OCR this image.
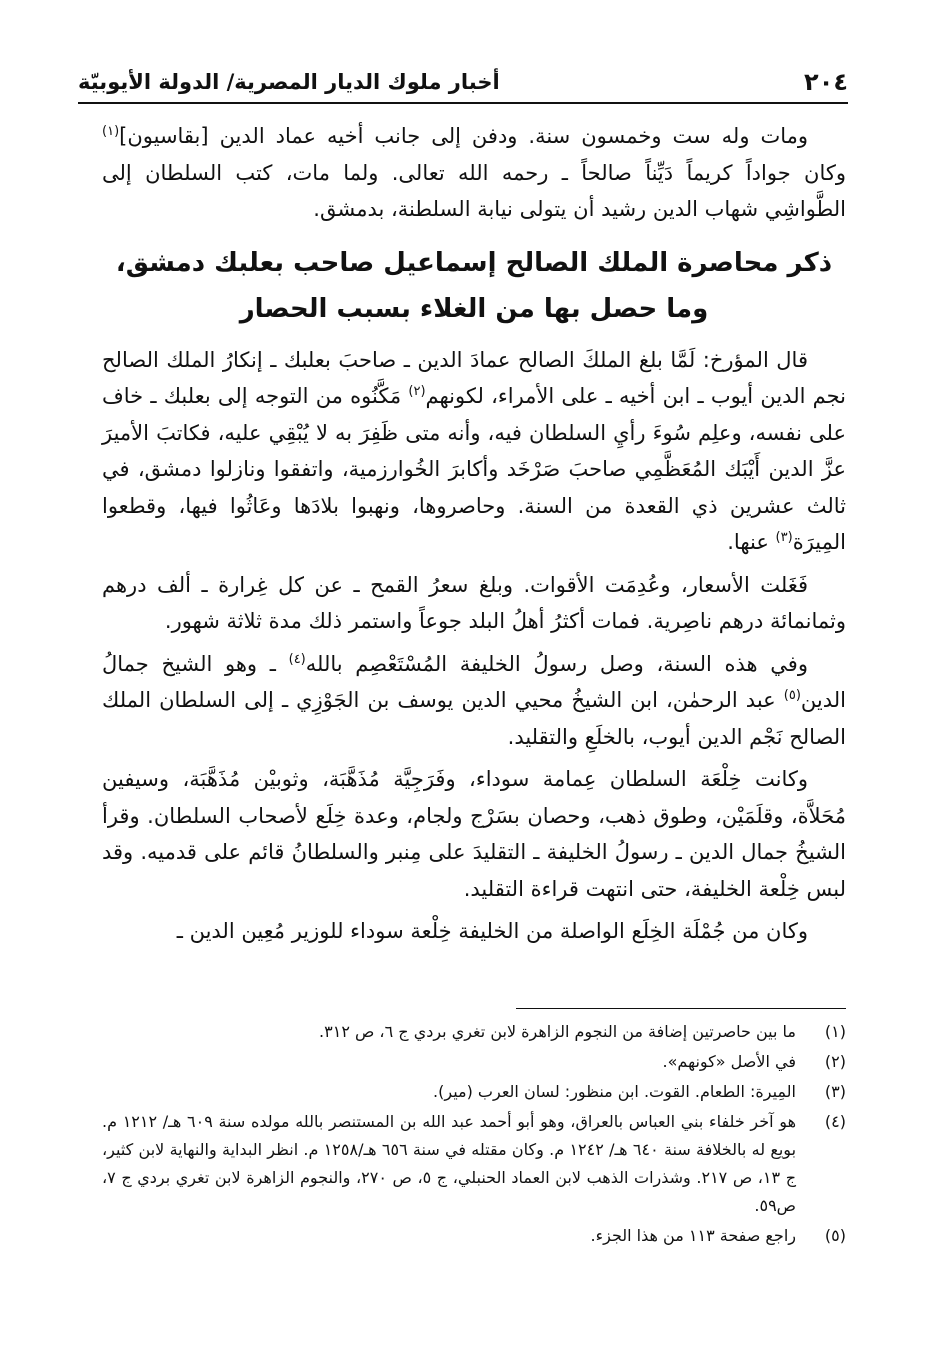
٢٠٤
أخبار ملوك الديار المصرية/ الدولة الأيوبيّة

ومات وله ست وخمسون سنة. ودفن إلى جانب أخيه عماد الدين [بقاسيون]$^{(١)}$ وكان جواداً كريماً دَيِّناً صالحاً ـ رحمه الله تعالى. ولما مات، كتب السلطان إلى الطَّواشِي شهاب الدين رشيد أن يتولى نيابة السلطنة، بدمشق.

ذكر محاصرة الملك الصالح إسماعيل صاحب بعلبك دمشق،
وما حصل بها من الغلاء بسبب الحصار

قال المؤرخ: لَمَّا بلغ الملكَ الصالح عمادَ الدين ـ صاحبَ بعلبك ـ إنكارُ الملك الصالح نجم الدين أيوب ـ ابن أخيه ـ على الأمراء، لكونهم$^{(٢)}$ مَكَّنُوه من التوجه إلى بعلبك ـ خاف على نفسه، وعلِم سُوءَ رأيِ السلطان فيه، وأنه متى ظَفِرَ به لا يُبْقِي عليه، فكاتبَ الأميرَ عزَّ الدين أَيْبَك المُعَظَّمِي صاحبَ صَرْخَد وأكابرَ الخُوارزمية، واتفقوا ونازلوا دمشق، في ثالث عشرين ذي القعدة من السنة. وحاصروها، ونهبوا بلادَها وعَاثُوا فيها، وقطعوا المِيرَة$^{(٣)}$ عنها.

فَغَلت الأسعار، وعُدِمَت الأقوات. وبلغ سعرُ القمح ـ عن كل غِرارة ـ ألف درهم وثمانمائة درهم ناصِرية. فمات أكثرُ أهلُ البلد جوعاً واستمر ذلك مدة ثلاثة شهور.

وفي هذه السنة، وصل رسولُ الخليفة المُسْتَعْصِم بالله$^{(٤)}$ ـ وهو الشيخ جمالُ الدين$^{(٥)}$ عبد الرحمٰن، ابن الشيخُ محيي الدين يوسف بن الجَوْزِي ـ إلى السلطان الملك الصالح نَجْم الدين أيوب، بالخلَعِ والتقليد.

وكانت خِلْعَة السلطان عِمامة سوداء، وفَرَجِيَّة مُذَهَّبَة، وثوبيْن مُذَهَّبَة، وسيفين مُحَلاَّة، وقلَمَيْن، وطوق ذهب، وحصان بسَرْج ولجام، وعدة خِلَع لأصحاب السلطان. وقرأ الشيخُ جمال الدين ـ رسولُ الخليفة ـ التقليدَ على مِنبر والسلطانُ قائم على قدميه. وقد لبس خِلْعة الخليفة، حتى انتهت قراءة التقليد.

وكان من جُمْلَة الخِلَع الواصلة من الخليفة خِلْعة سوداء للوزير مُعِين الدين ـ

(١)
ما بين حاصرتين إضافة من النجوم الزاهرة لابن تغري بردي ج ٦، ص ٣١٢.
(٢)
في الأصل «كونهم».
(٣)
المِيرة: الطعام. القوت. ابن منظور: لسان العرب (مير).
(٤)
هو آخر خلفاء بني العباس بالعراق، وهو أبو أحمد عبد الله بن المستنصر بالله مولده سنة ٦٠٩ هـ/ ١٢١٢ م. بويع له بالخلافة سنة ٦٤٠ هـ/ ١٢٤٢ م. وكان مقتله في سنة ٦٥٦ هـ/١٢٥٨ م. انظر البداية والنهاية لابن كثير، ج ١٣، ص ٢١٧. وشذرات الذهب لابن العماد الحنبلي، ج ٥، ص ٢٧٠، والنجوم الزاهرة لابن تغري بردي ج ٧، ص٥٩.
(٥)
راجع صفحة ١١٣ من هذا الجزء.
